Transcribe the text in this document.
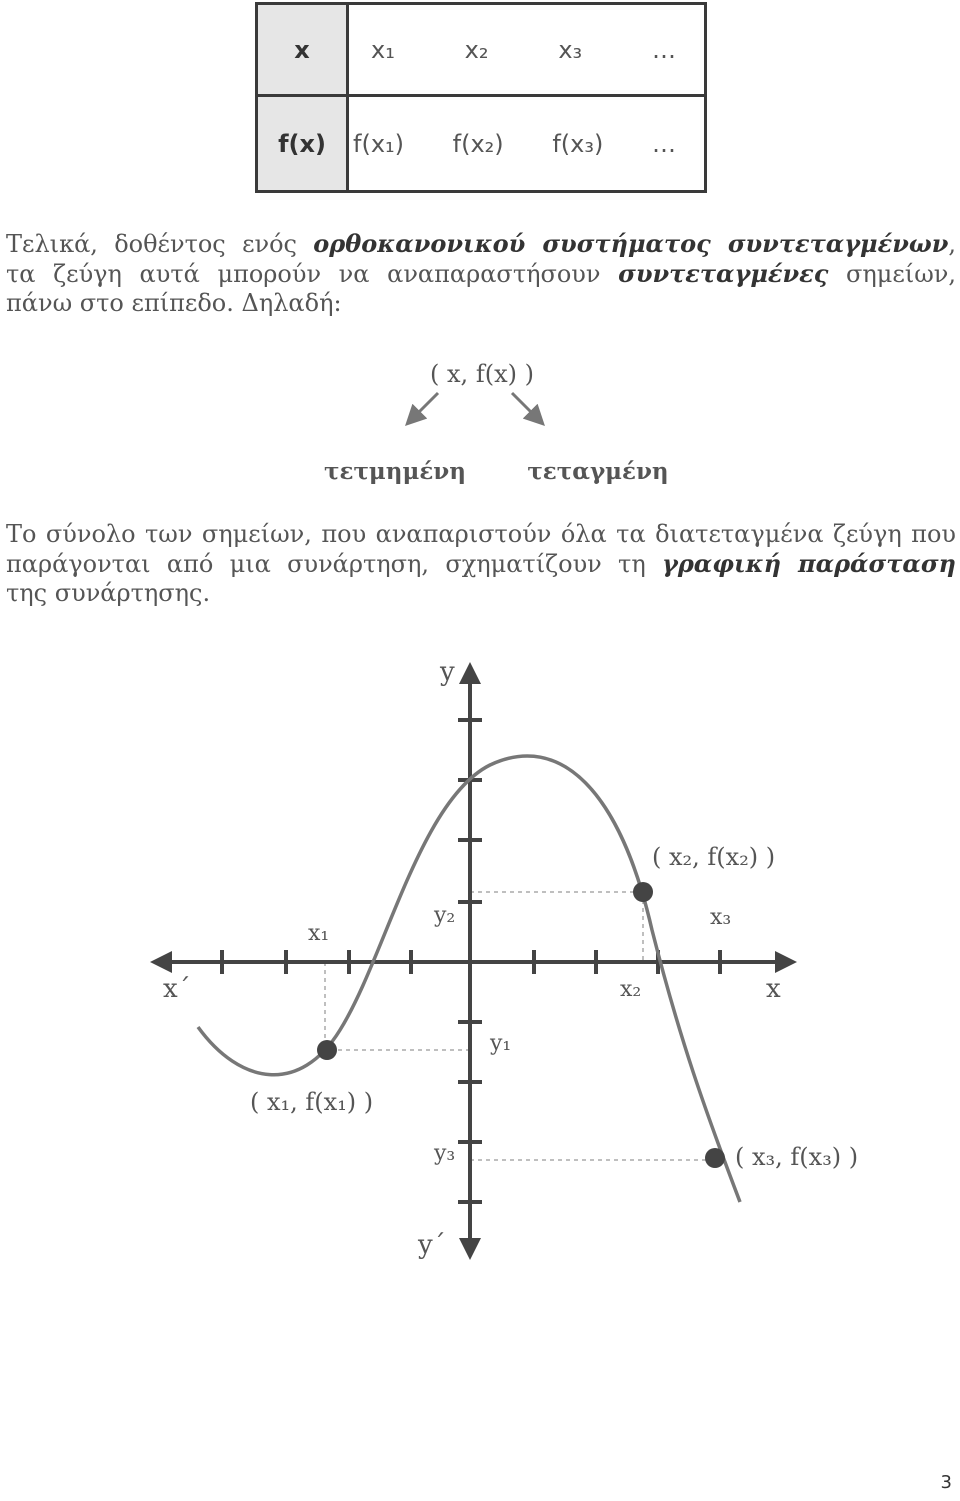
x	x₁ x₂ x₃ …

f(x)	f(x₁) f(x₂) f(x₃) …

Τελικά, δοθέντος ενός ορθοκανονικού συστήματος συντεταγμένων,
τα ζεύγη αυτά μπορούν να αναπαραστήσουν συντεταγμένες σημείων,
πάνω στο επίπεδο. Δηλαδή:

( x, f(x) )
τετμημένη	τεταγμένη

Το σύνολο των σημείων, που αναπαριστούν όλα τα διατεταγμένα ζεύγη που
παράγονται από μια συνάρτηση, σχηματίζουν τη γραφική παράσταση
της συνάρτησης.

y
y΄
x
x΄
x₁
x₂
x₃
y₁
y₂
y₃
( x₁, f(x₁) )
( x₂, f(x₂) )
( x₃, f(x₃) )
3
